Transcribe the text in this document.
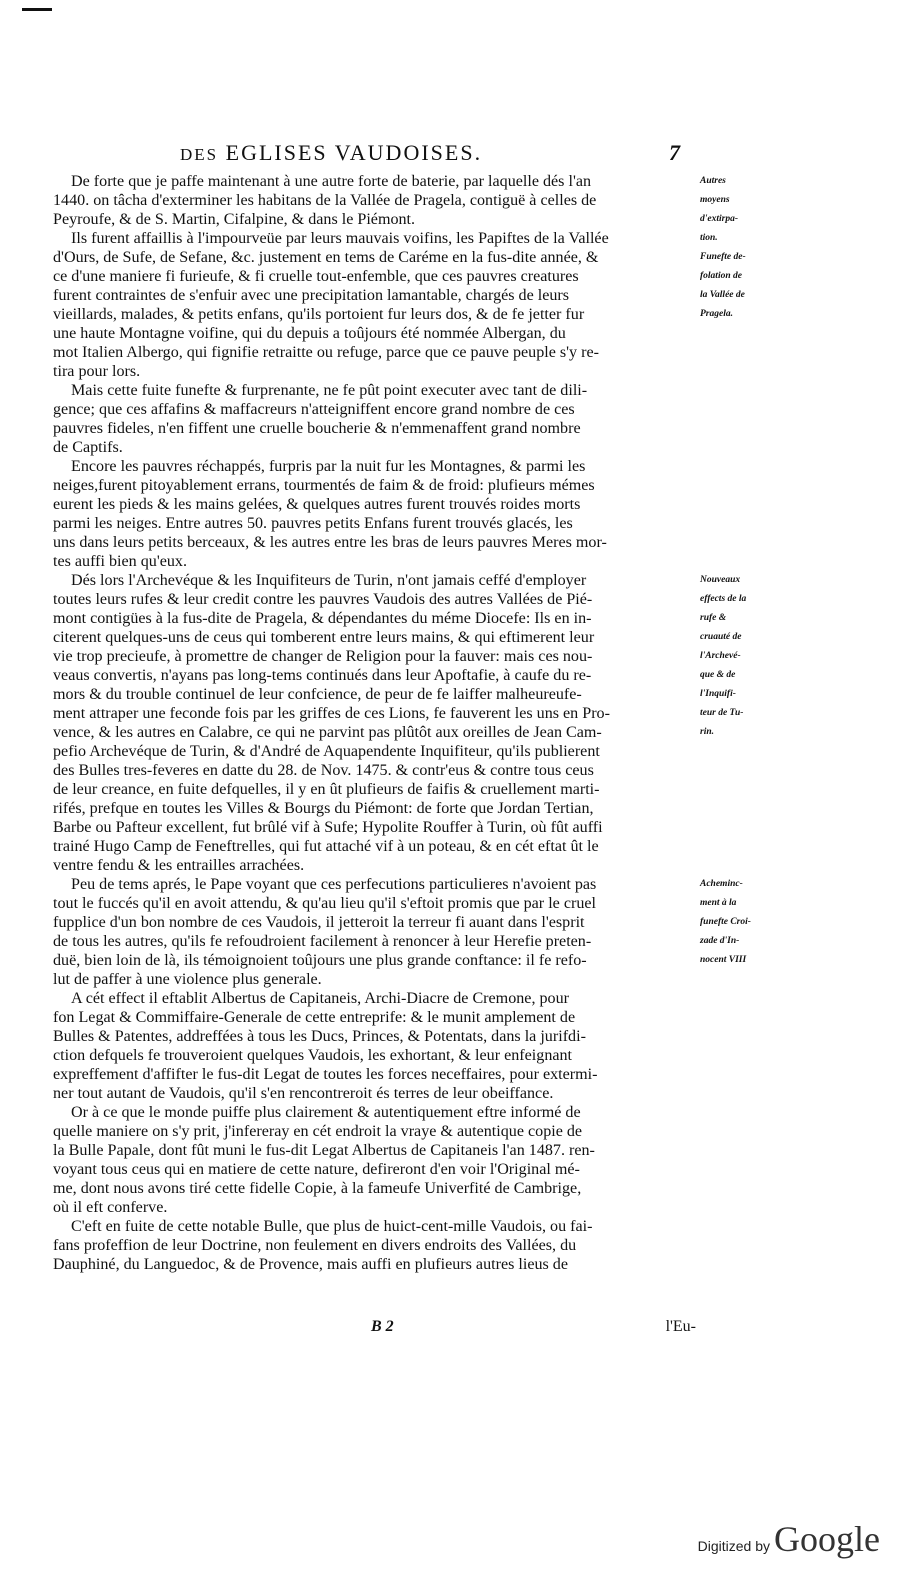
DES EGLISES VAUDOISES.	7
De forte que je paffe maintenant à une autre forte de baterie, par laquelle dés l'an
1440. on tâcha d'exterminer les habitans de la Vallée de Pragela, contiguë à celles de
Peyroufe, & de S. Martin, Cifalpine, & dans le Piémont.
Ils furent affaillis à l'impourveüe par leurs mauvais voifins, les Papiftes de la Vallée
d'Ours, de Sufe, de Sefane, &c. justement en tems de Caréme en la fus-dite année, &
ce d'une maniere fi furieufe, & fi cruelle tout-enfemble, que ces pauvres creatures
furent contraintes de s'enfuir avec une precipitation lamantable, chargés de leurs
vieillards, malades, & petits enfans, qu'ils portoient fur leurs dos, & de fe jetter fur
une haute Montagne voifine, qui du depuis a toûjours été nommée Albergan, du
mot Italien Albergo, qui fignifie retraitte ou refuge, parce que ce pauve peuple s'y re-
tira pour lors.
Mais cette fuite funefte & furprenante, ne fe pût point executer avec tant de dili-
gence; que ces affafins & maffacreurs n'atteigniffent encore grand nombre de ces
pauvres fideles, n'en fiffent une cruelle boucherie & n'emmenaffent grand nombre
de Captifs.
Encore les pauvres réchappés, furpris par la nuit fur les Montagnes, & parmi les
neiges,furent pitoyablement errans, tourmentés de faim & de froid: plufieurs mémes
eurent les pieds & les mains gelées, & quelques autres furent trouvés roides morts
parmi les neiges. Entre autres 50. pauvres petits Enfans furent trouvés glacés, les
uns dans leurs petits berceaux, & les autres entre les bras de leurs pauvres Meres mor-
tes auffi bien qu'eux.
Dés lors l'Archevéque & les Inquifiteurs de Turin, n'ont jamais ceffé d'employer
toutes leurs rufes & leur credit contre les pauvres Vaudois des autres Vallées de Pié-
mont contigües à la fus-dite de Pragela, & dépendantes du méme Diocefe: Ils en in-
citerent quelques-uns de ceus qui tomberent entre leurs mains, & qui eftimerent leur
vie trop precieufe, à promettre de changer de Religion pour la fauver: mais ces nou-
veaus convertis, n'ayans pas long-tems continués dans leur Apoftafie, à caufe du re-
mors & du trouble continuel de leur confcience, de peur de fe laiffer malheureufe-
ment attraper une feconde fois par les griffes de ces Lions, fe fauverent les uns en Pro-
vence, & les autres en Calabre, ce qui ne parvint pas plûtôt aux oreilles de Jean Cam-
pefio Archevéque de Turin, & d'André de Aquapendente Inquifiteur, qu'ils publierent
des Bulles tres-feveres en datte du 28. de Nov. 1475. & contr'eus & contre tous ceus
de leur creance, en fuite defquelles, il y en ût plufieurs de faifis & cruellement marti-
rifés, prefque en toutes les Villes & Bourgs du Piémont: de forte que Jordan Tertian,
Barbe ou Pafteur excellent, fut brûlé vif à Sufe; Hypolite Rouffer à Turin, où fût auffi
trainé Hugo Camp de Feneftrelles, qui fut attaché vif à un poteau, & en cét eftat ût le
ventre fendu & les entrailles arrachées.
Peu de tems aprés, le Pape voyant que ces perfecutions particulieres n'avoient pas
tout le fuccés qu'il en avoit attendu, & qu'au lieu qu'il s'eftoit promis que par le cruel
fupplice d'un bon nombre de ces Vaudois, il jetteroit la terreur fi auant dans l'esprit
de tous les autres, qu'ils fe refoudroient facilement à renoncer à leur Herefie preten-
duë, bien loin de là, ils témoignoient toûjours une plus grande conftance: il fe refo-
lut de paffer à une violence plus generale.
A cét effect il eftablit Albertus de Capitaneis, Archi-Diacre de Cremone, pour
fon Legat & Commiffaire-Generale de cette entreprife: & le munit amplement de
Bulles & Patentes, addreffées à tous les Ducs, Princes, & Potentats, dans la jurifdi-
ction defquels fe trouveroient quelques Vaudois, les exhortant, & leur enfeignant
expreffement d'affifter le fus-dit Legat de toutes les forces neceffaires, pour extermi-
ner tout autant de Vaudois, qu'il s'en rencontreroit és terres de leur obeiffance.
Or à ce que le monde puiffe plus clairement & autentiquement eftre informé de
quelle maniere on s'y prit, j'infereray en cét endroit la vraye & autentique copie de
la Bulle Papale, dont fût muni le fus-dit Legat Albertus de Capitaneis l'an 1487. ren-
voyant tous ceus qui en matiere de cette nature, defireront d'en voir l'Original mé-
me, dont nous avons tiré cette fidelle Copie, à la fameufe Univerfité de Cambrige,
où il eft conferve.
C'eft en fuite de cette notable Bulle, que plus de huict-cent-mille Vaudois, ou fai-
fans profeffion de leur Doctrine, non feulement en divers endroits des Vallées, du
Dauphiné, du Languedoc, & de Provence, mais auffi en plufieurs autres lieus de
Autres
moyens
d'extirpa-
tion.
Funefte de-
folation de
la Vallée de
Pragela.
Nouveaux
effects de la
rufe &
cruauté de
l'Archevé-
que & de
l'Inquifi-
teur de Tu-
rin.
Acheminc-
ment à la
funefte Croi-
zade d'In-
nocent VIII
B 2	l'Eu-
Digitized by Google
